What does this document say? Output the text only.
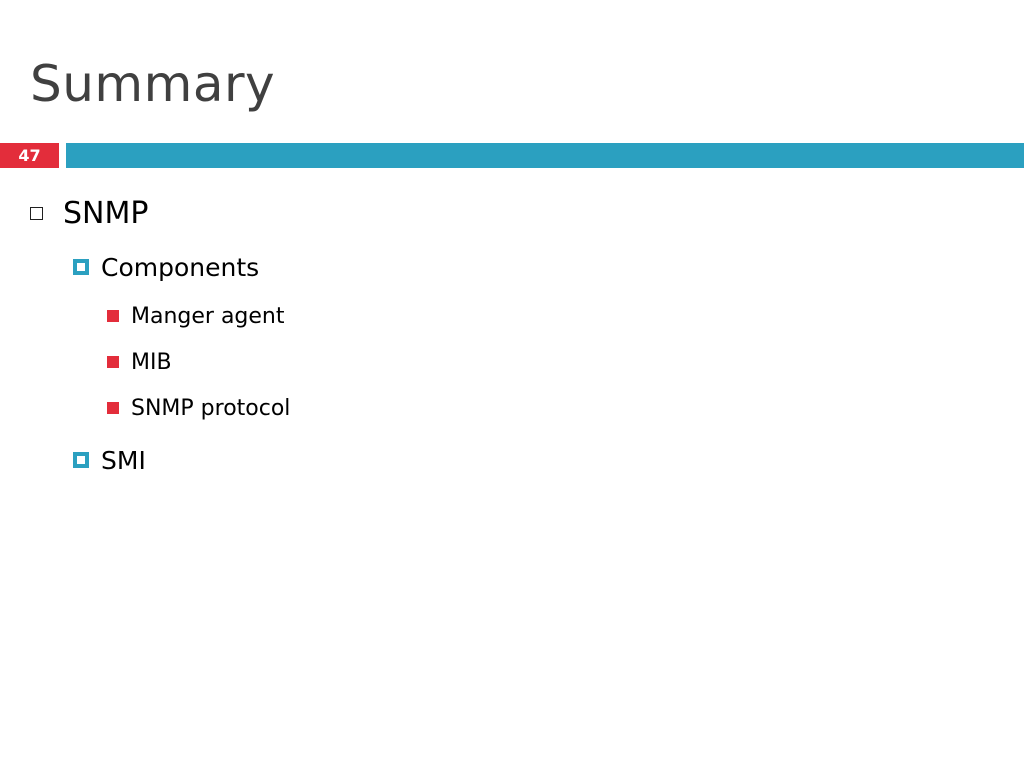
Summary
47
SNMP
Components
Manger agent
MIB
SNMP protocol
SMI
